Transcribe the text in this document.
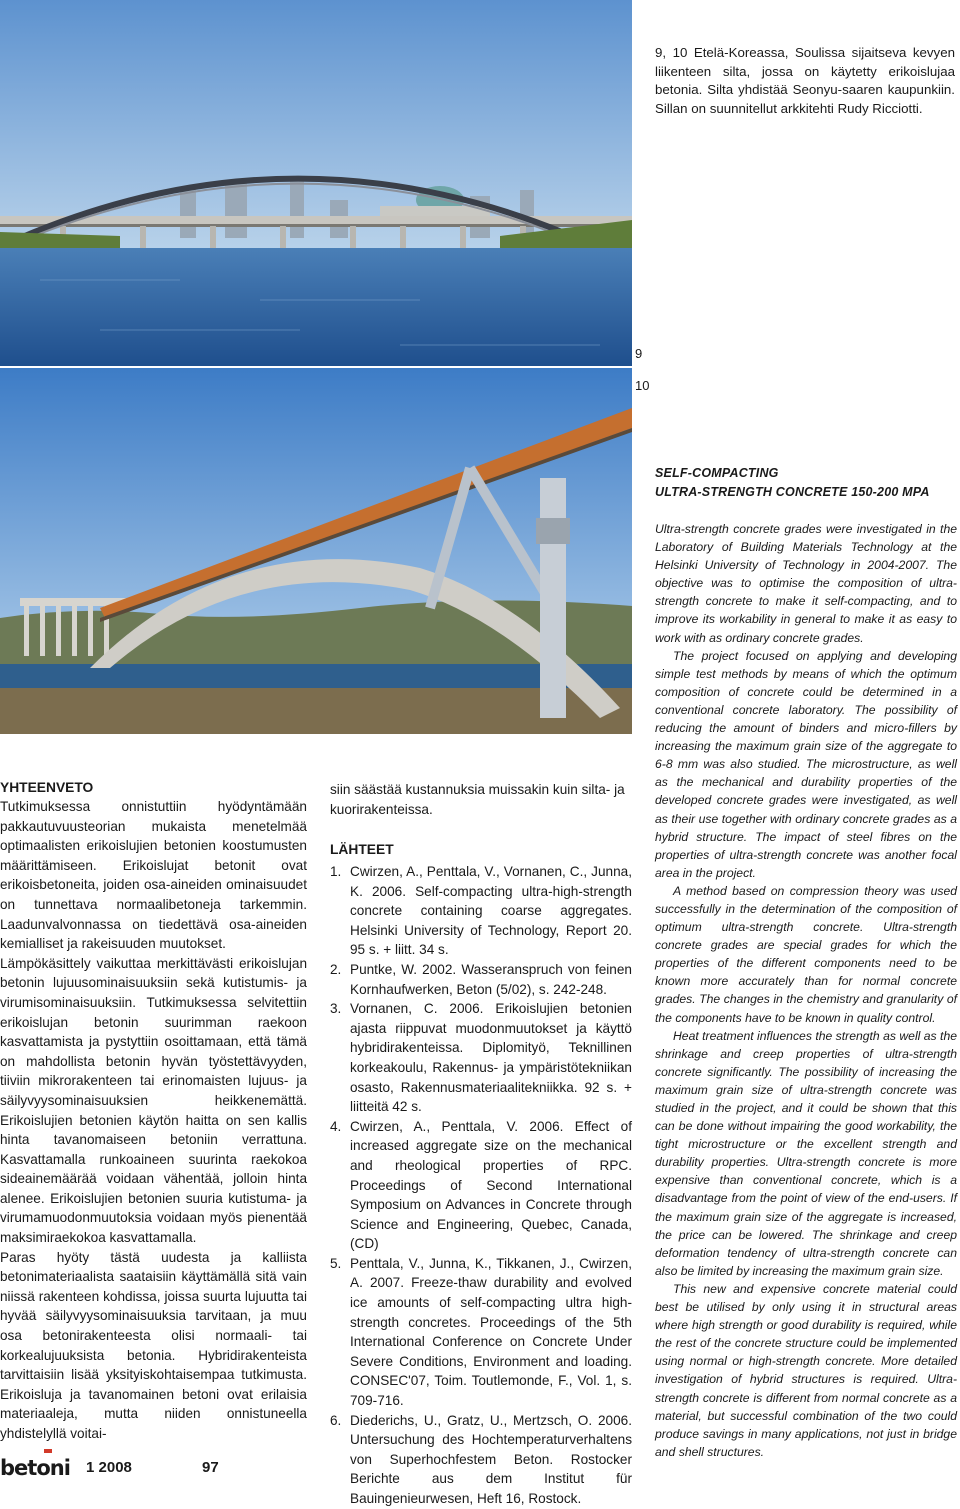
9, 10 Etelä-Koreassa, Soulissa sijaitseva kevyen liikenteen silta, jossa on käytetty erikoislujaa betonia. Silta yhdistää Seonyu-saaren kaupunkiin. Sillan on suunnitellut arkkitehti Rudy Ricciotti.
9
10
SELF-COMPACTING
ULTRA-STRENGTH CONCRETE 150-200 MPA

Ultra-strength concrete grades were investigated in the Laboratory of Building Materials Technology at the Helsinki University of Technology in 2004-2007. The objective was to optimise the composition of ultra-strength concrete to make it self-compacting, and to improve its workability in general to make it as easy to work with as ordinary concrete grades.

The project focused on applying and developing simple test methods by means of which the optimum composition of concrete could be determined in a conventional concrete laboratory. The possibility of reducing the amount of binders and micro-fillers by increasing the maximum grain size of the aggregate to 6-8 mm was also studied. The microstructure, as well as the mechanical and durability properties of the developed concrete grades were investigated, as well as their use together with ordinary concrete grades as a hybrid structure. The impact of steel fibres on the properties of ultra-strength concrete was another focal area in the project.

A method based on compression theory was used successfully in the determination of the composition of optimum ultra-strength concrete. Ultra-strength concrete grades are special grades for which the properties of the different components need to be known more accurately than for normal concrete grades. The changes in the chemistry and granularity of the components have to be known in quality control.

Heat treatment influences the strength as well as the shrinkage and creep properties of ultra-strength concrete significantly. The possibility of increasing the maximum grain size of ultra-strength concrete was studied in the project, and it could be shown that this can be done without impairing the good workability, the tight microstructure or the excellent strength and durability properties. Ultra-strength concrete is more expensive than conventional concrete, which is a disadvantage from the point of view of the end-users. If the maximum grain size of the aggregate is increased, the price can be lowered. The shrinkage and creep deformation tendency of ultra-strength concrete can also be limited by increasing the maximum grain size.

This new and expensive concrete material could best be utilised by only using it in structural areas where high strength or good durability is required, while the rest of the concrete structure could be implemented using normal or high-strength concrete. More detailed investigation of hybrid structures is required. Ultra-strength concrete is different from normal concrete as a material, but successful combination of the two could produce savings in many applications, not just in bridge and shell structures.

YHTEENVETO

Tutkimuksessa onnistuttiin hyödyntämään pakkautuvuusteorian mukaista menetelmää optimaalisten erikoislujien betonien koostumusten määrittämiseen. Erikoislujat betonit ovat erikoisbetoneita, joiden osa-aineiden ominaisuudet on tunnettava normaalibetoneja tarkemmin. Laadunvalvonnassa on tiedettävä osa-aineiden kemialliset ja rakeisuuden muutokset.

Lämpökäsittely vaikuttaa merkittävästi erikoislujan betonin lujuusominaisuuksiin sekä kutistumis- ja virumisominaisuuksiin. Tutkimuksessa selvitettiin erikoislujan betonin suurimman raekoon kasvattamista ja pystyttiin osoittamaan, että tämä on mahdollista betonin hyvän työstettävyyden, tiiviin mikrorakenteen tai erinomaisten lujuus- ja säilyvyysominaisuuksien heikkenemättä. Erikoislujien betonien käytön haitta on sen kallis hinta tavanomaiseen betoniin verrattuna. Kasvattamalla runkoaineen suurinta raekokoa sideainemäärää voidaan vähentää, jolloin hinta alenee. Erikoislujien betonien suuria kutistuma- ja virumamuodonmuutoksia voidaan myös pienentää maksimiraekokoa kasvattamalla.

Paras hyöty tästä uudesta ja kalliista betonimateriaalista saataisiin käyttämällä sitä vain niissä rakenteen kohdissa, joissa suurta lujuutta tai hyvää säilyvyysominaisuuksia tarvitaan, ja muu osa betonirakenteesta olisi normaali- tai korkealujuuksista betonia. Hybridirakenteista tarvittaisiin lisää yksityiskohtaisempaa tutkimusta. Erikoisluja ja tavanomainen betoni ovat erilaisia materiaaleja, mutta niiden onnistuneella yhdistelyllä voitai-

siin säästää kustannuksia muissakin kuin silta- ja kuorirakenteissa.
LÄHTEET
1. Cwirzen, A., Penttala, V., Vornanen, C., Junna, K. 2006. Self-compacting ultra-high-strength concrete containing coarse aggregates. Helsinki University of Technology, Report 20. 95 s. + liitt. 34 s.
2. Puntke, W. 2002. Wasseranspruch von feinen Kornhaufwerken, Beton (5/02), s. 242-248.
3. Vornanen, C. 2006. Erikoislujien betonien ajasta riippuvat muodonmuutokset ja käyttö hybridirakenteissa. Diplomityö, Teknillinen korkeakoulu, Rakennus- ja ympäristötekniikan osasto, Rakennusmateriaalitekniikka. 92 s. + liitteitä 42 s.
4. Cwirzen, A., Penttala, V. 2006. Effect of increased aggregate size on the mechanical and rheological properties of RPC. Proceedings of Second International Symposium on Advances in Concrete through Science and Engineering, Quebec, Canada, (CD)
5. Penttala, V., Junna, K., Tikkanen, J., Cwirzen, A. 2007. Freeze-thaw durability and evolved ice amounts of self-compacting ultra high-strength concretes. Proceedings of the 5th International Conference on Concrete Under Severe Conditions, Environment and loading. CONSEC'07, Toim. Toutlemonde, F., Vol. 1, s. 709-716.
6. Diederichs, U., Gratz, U., Mertzsch, O. 2006. Untersuchung des Hochtemperaturverhaltens von Superhochfestem Beton. Rostocker Berichte aus dem Institut für Bauingenieurwesen, Heft 16, Rostock.
betoni 1 2008	97
